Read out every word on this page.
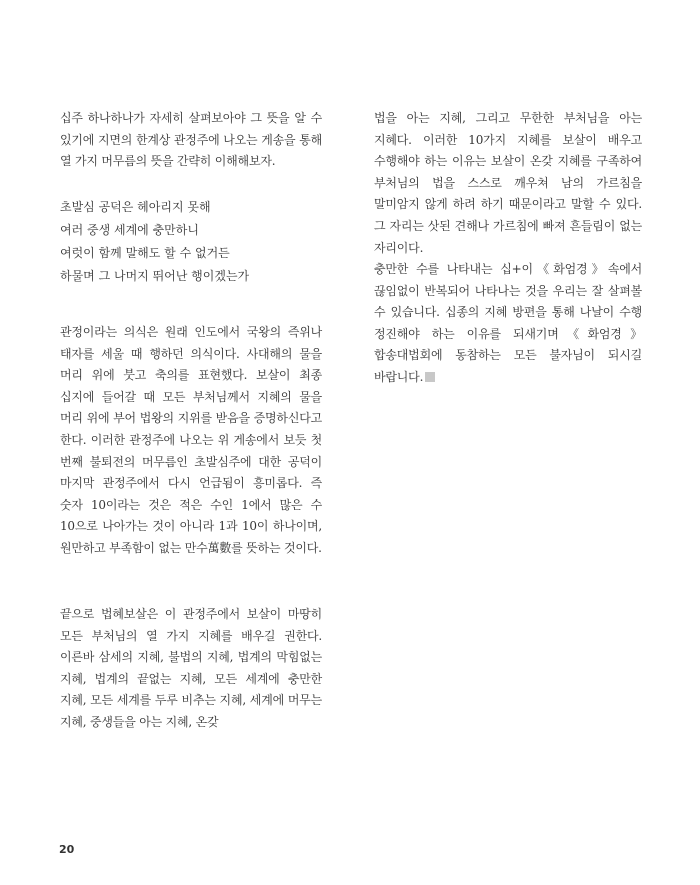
십주 하나하나가 자세히 살펴보아야 그 뜻을 알 수 있기에 지면의 한계상 관정주에 나오는 게송을 통해 열 가지 머무름의 뜻을 간략히 이해해보자.

초발심 공덕은 헤아리지 못해
여러 중생 세계에 충만하니
여럿이 함께 말해도 할 수 없거든
하물며 그 나머지 뛰어난 행이겠는가

관정이라는 의식은 원래 인도에서 국왕의 즉위나 태자를 세울 때 행하던 의식이다. 사대해의 물을 머리 위에 붓고 축의를 표현했다. 보살이 최종 십지에 들어갈 때 모든 부처님께서 지혜의 물을 머리 위에 부어 법왕의 지위를 받음을 증명하신다고 한다. 이러한 관정주에 나오는 위 게송에서 보듯 첫 번째 불퇴전의 머무름인 초발심주에 대한 공덕이 마지막 관정주에서 다시 언급됨이 흥미롭다. 즉 숫자 10이라는 것은 적은 수인 1에서 많은 수 10으로 나아가는 것이 아니라 1과 10이 하나이며, 원만하고 부족함이 없는 만수萬數를 뜻하는 것이다.

끝으로 법혜보살은 이 관정주에서 보살이 마땅히 모든 부처님의 열 가지 지혜를 배우길 권한다. 이른바 삼세의 지혜, 불법의 지혜, 법계의 막힘없는 지혜, 법계의 끝없는 지혜, 모든 세계에 충만한 지혜, 모든 세계를 두루 비추는 지혜, 세계에 머무는 지혜, 중생들을 아는 지혜, 온갖

법을 아는 지혜, 그리고 무한한 부처님을 아는 지혜다. 이러한 10가지 지혜를 보살이 배우고 수행해야 하는 이유는 보살이 온갖 지혜를 구족하여 부처님의 법을 스스로 깨우쳐 남의 가르침을 말미암지 않게 하려 하기 때문이라고 말할 수 있다. 그 자리는 삿된 견해나 가르침에 빠져 흔들림이 없는 자리이다.

충만한 수를 나타내는 십+이《화엄경》속에서 끊임없이 반복되어 나타나는 것을 우리는 잘 살펴볼 수 있습니다. 십종의 지혜 방편을 통해 나날이 수행 정진해야 하는 이유를 되새기며《화엄경》합송대법회에 동참하는 모든 불자님이 되시길 바랍니다.

20
